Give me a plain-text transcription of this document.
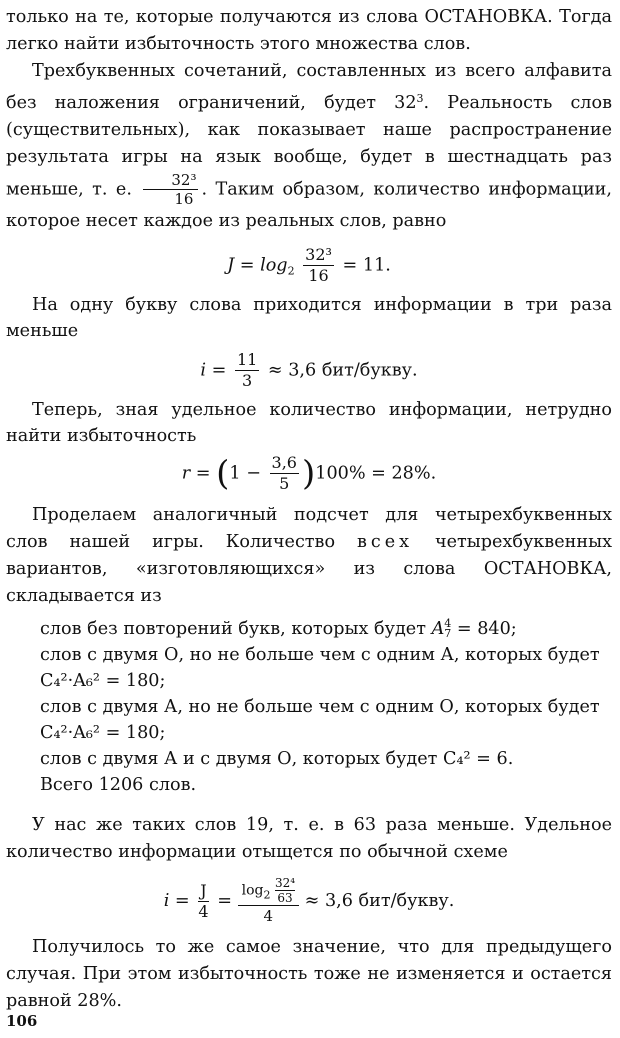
только на те, которые получаются из слова ОСТАНОВКА. Тогда легко найти избыточность этого множества слов.

Трехбуквенных сочетаний, составленных из всего алфавита без наложения ограничений, будет $32^3$. Реальность слов (существительных), как показывает наше распространение результата игры на язык вообще, будет в шестнадцать раз меньше, т. е. $\frac{\text{32³}}{16}$ . Таким образом, количество информации, которое несет каждое из реальных слов, равно

$J = \log_2 \frac{\text{32³}}{16} = 11$.

На одну букву слова приходится информации в три раза меньше

$i = \frac{11}{3} \approx 3,6$ бит/букву.

Теперь, зная удельное количество информации, нетрудно найти избыточность

$r = (1 - \frac{3,6}{5} )100\% = 28\%$.

Проделаем аналогичный подсчет для четырехбуквенных слов нашей игры. Количество всех четырехбуквенных вариантов, «изготовляющихся» из слова ОСТАНОВКА, складывается из

слов без повторений букв, которых будет A 4
7 = 840;

слов с двумя О, но не больше чем с одним А, которых будет C₄²·A₆² = 180;

слов с двумя А, но не больше чем с одним О, которых будет C₄²·A₆² = 180;

слов с двумя А и с двумя О, которых будет C₄² = 6.

Всего 1206 слов.

У нас же таких слов 19, т. е. в 63 раза меньше. Удельное количество информации отыщется по обычной схеме

$i = \frac{J}{4} = \frac{\log_2 \frac{\text{32⁴}}{63}}{4} \approx 3,6$ бит/букву.

Получилось то же самое значение, что для предыдущего случая. При этом избыточность тоже не изменяется и остается равной 28%.

106
